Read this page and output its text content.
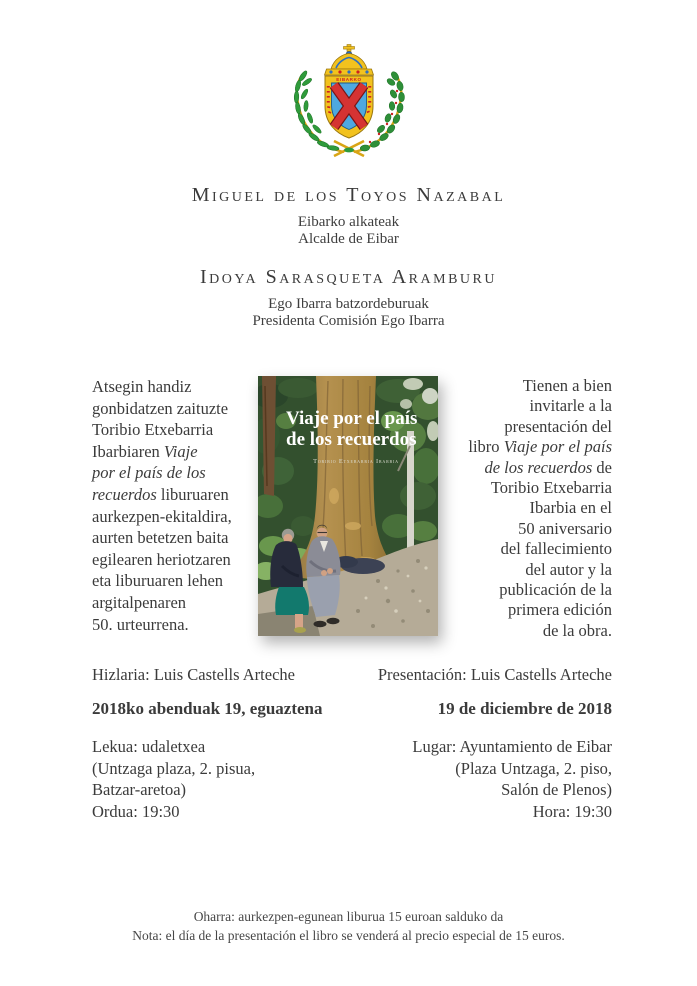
EIBARKO
Miguel de los Toyos Nazabal
Eibarko alkateak
Alcalde de Eibar
Idoya Sarasqueta Aramburu
Ego Ibarra batzordeburuak
Presidenta Comisión Ego Ibarra
Atsegin handiz
gonbidatzen zaituzte
Toribio Etxebarria
Ibarbiaren Viaje
por el país de los
recuerdos liburuaren
aurkezpen-ekitaldira,
aurten betetzen baita
egilearen heriotzaren
eta liburuaren lehen
argitalpenaren
50. urteurrena.
Viaje por el país
de los recuerdos
Toribio Etxebarria Ibarbia
Tienen a bien
invitarle a la
presentación del
libro Viaje por el país
de los recuerdos de
Toribio Etxebarria
Ibarbia en el
50 aniversario
del fallecimiento
del autor y la
publicación de la
primera edición
de la obra.
Hizlaria: Luis Castells Arteche	Presentación: Luis Castells Arteche
2018ko abenduak 19, eguaztena	19 de diciembre de 2018
Lekua: udaletxea
(Untzaga plaza, 2. pisua,
Batzar-aretoa)
Ordua: 19:30
Lugar: Ayuntamiento de Eibar
(Plaza Untzaga, 2. piso,
Salón de Plenos)
Hora: 19:30
Oharra: aurkezpen-egunean liburua 15 euroan salduko da
Nota: el día de la presentación el libro se venderá al precio especial de 15 euros.
